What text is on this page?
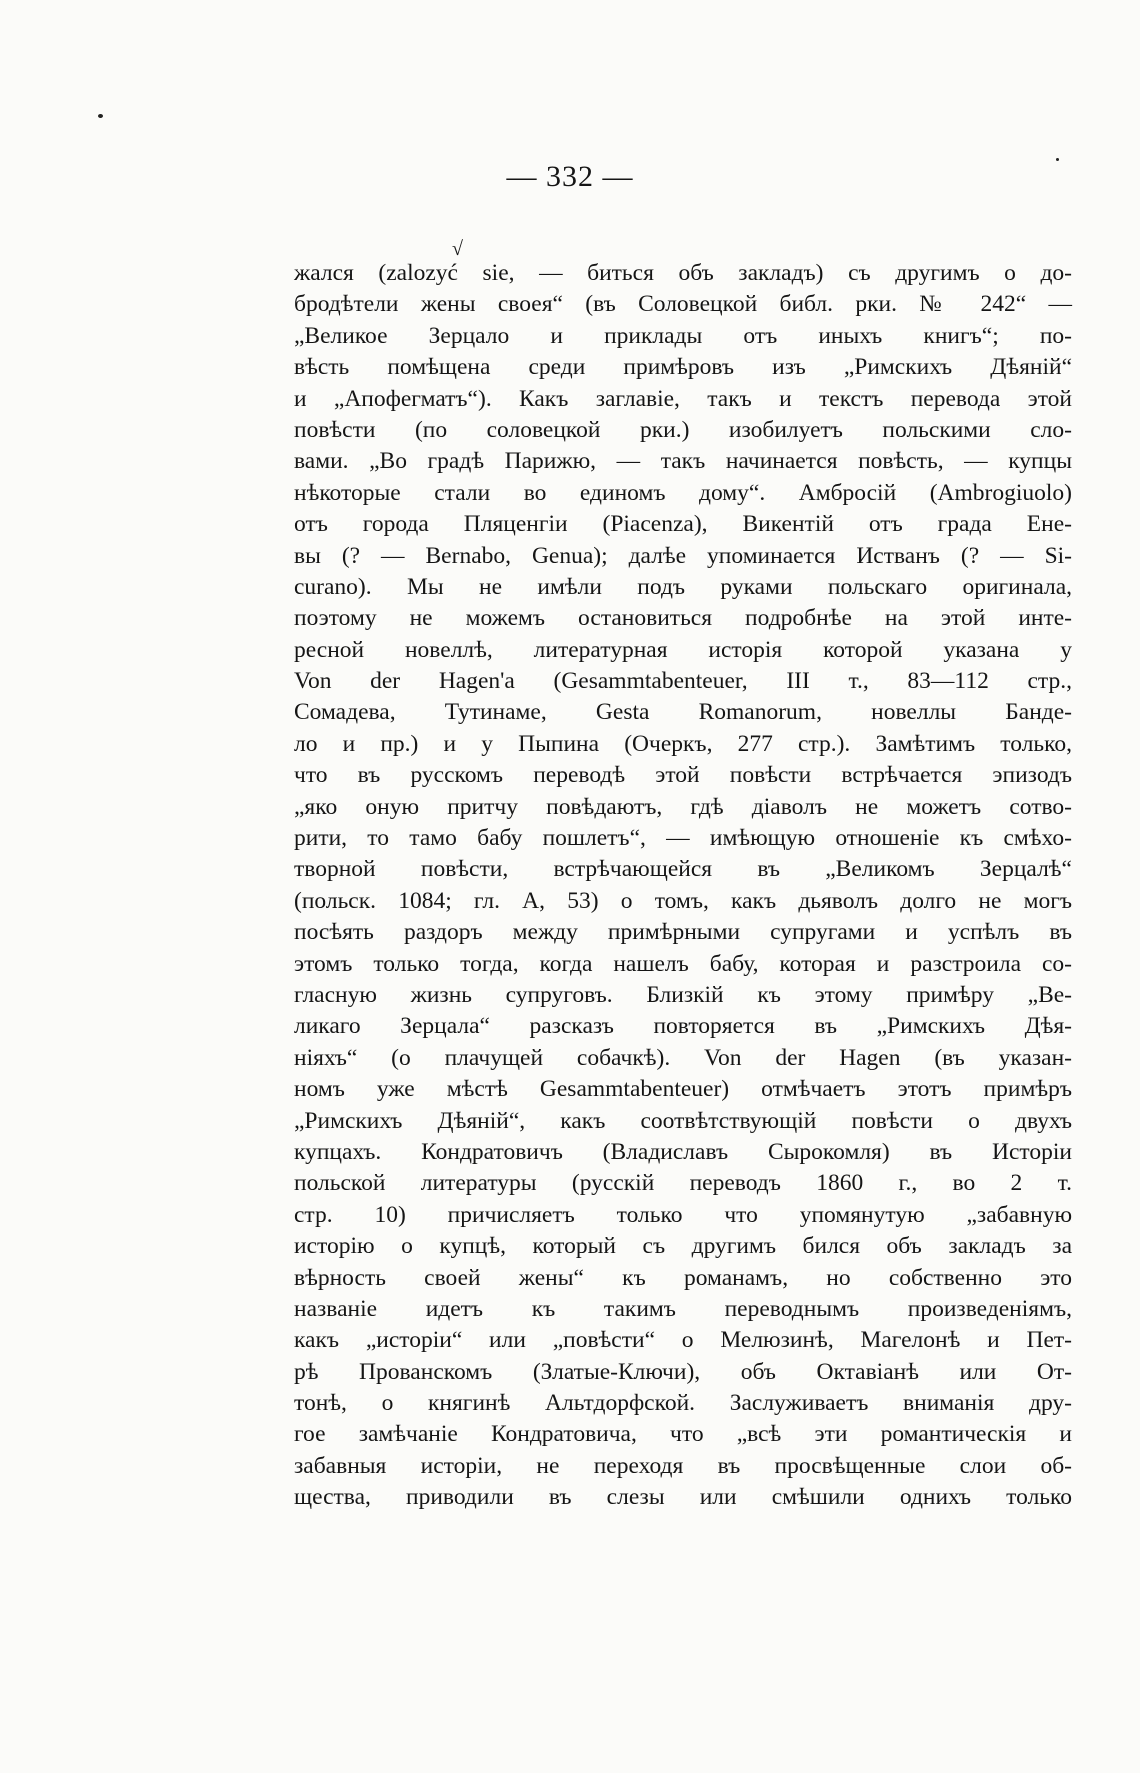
— 332 —
√
жался (zalozyć sie, — биться объ закладъ) съ другимъ о до-
бродѣтели жены своея“ (въ Соловецкой библ. рки. № 242“ —
„Великое Зерцало и приклады отъ иныхъ книгъ“; по-
вѣсть помѣщена среди примѣровъ изъ „Римскихъ Дѣяній“
и „Апофегматъ“). Какъ заглавіе, такъ и текстъ перевода этой
повѣсти (по соловецкой рки.) изобилуетъ польскими сло-
вами. „Во градѣ Парижю, — такъ начинается повѣсть, — купцы
нѣкоторые стали во единомъ дому“. Амбросій (Ambrogiuolo)
отъ города Пляценгіи (Piacenza), Викентій отъ града Ене-
вы (? — Bernabo, Genua); далѣе упоминается Истванъ (? — Si-
curano). Мы не имѣли подъ руками польскаго оригинала,
поэтому не можемъ остановиться подробнѣе на этой инте-
ресной новеллѣ, литературная исторія которой указана у
Von der Hagen'а (Gesammtabenteuer, III т., 83—112 стр.,
Сомадева, Тутинаме, Gesta Romanorum, новеллы Банде-
ло и пр.) и у Пыпина (Очеркъ, 277 стр.). Замѣтимъ только,
что въ русскомъ переводѣ этой повѣсти встрѣчается эпизодъ
„яко оную притчу повѣдаютъ, гдѣ діаволъ не можетъ сотво-
рити, то тамо бабу пошлетъ“, — имѣющую отношеніе къ смѣхо-
творной повѣсти, встрѣчающейся въ „Великомъ Зерцалѣ“
(польск. 1084; гл. А, 53) о томъ, какъ дьяволъ долго не могъ
посѣять раздоръ между примѣрными супругами и успѣлъ въ
этомъ только тогда, когда нашелъ бабу, которая и разстроила со-
гласную жизнь супруговъ. Близкій къ этому примѣру „Ве-
ликаго Зерцала“ разсказъ повторяется въ „Римскихъ Дѣя-
ніяхъ“ (о плачущей собачкѣ). Von der Hagen (въ указан-
номъ уже мѣстѣ Gesammtabenteuer) отмѣчаетъ этотъ примѣръ
„Римскихъ Дѣяній“, какъ соотвѣтствующій повѣсти о двухъ
купцахъ. Кондратовичъ (Владиславъ Сырокомля) въ Исторіи
польской литературы (русскій переводъ 1860 г., во 2 т.
стр. 10) причисляетъ только что упомянутую „забавную
исторію о купцѣ, который съ другимъ бился объ закладъ за
вѣрность своей жены“ къ романамъ, но собственно это
названіе идетъ къ такимъ переводнымъ произведеніямъ,
какъ „исторіи“ или „повѣсти“ о Мелюзинѣ, Магелонѣ и Пет-
рѣ Прованскомъ (Златые-Ключи), объ Октавіанѣ или От-
тонѣ, о княгинѣ Альтдорфской. Заслуживаетъ вниманія дру-
гое замѣчаніе Кондратовича, что „всѣ эти романтическія и
забавныя исторіи, не переходя въ просвѣщенные слои об-
щества, приводили въ слезы или смѣшили однихъ только
